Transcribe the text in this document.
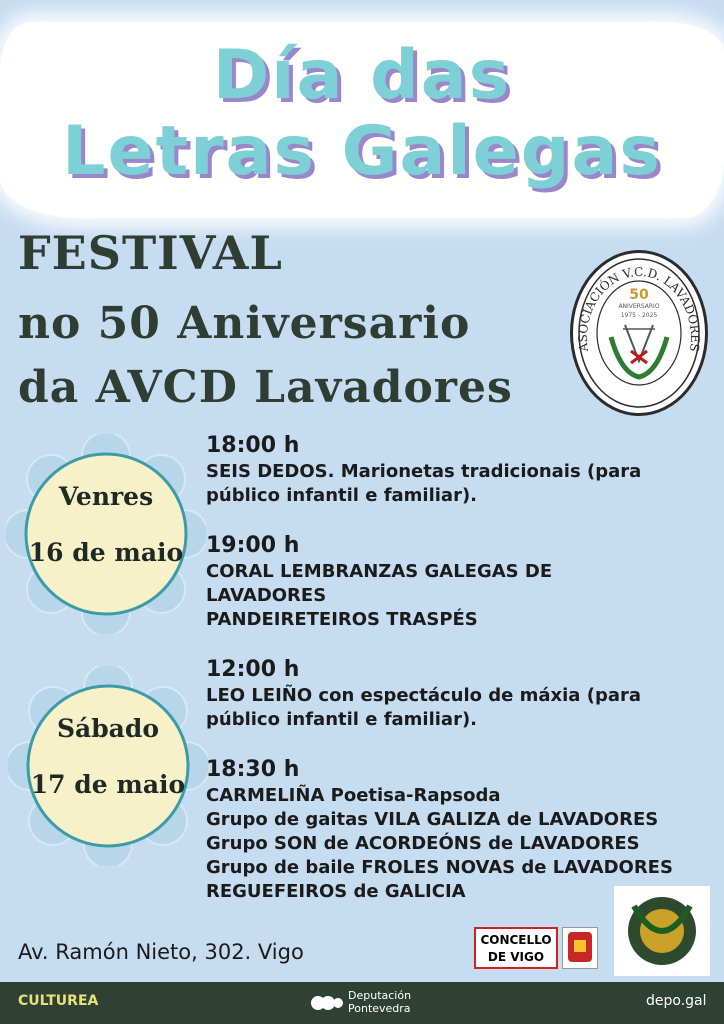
Día das
Letras Galegas
FESTIVAL
no 50 Aniversario
da AVCD Lavadores
ASOCIACIÓN V.C.D. LAVADORES
50
ANIVERSARIO
1975 - 2025
Venres
16 de maio
Sábado
17 de maio
18:00 h
SEIS DEDOS. Marionetas tradicionais (para
público infantil e familiar).
19:00 h
CORAL LEMBRANZAS GALEGAS DE
LAVADORES
PANDEIRETEIROS TRASPÉS
12:00 h
LEO LEIÑO con espectáculo de máxia (para
público infantil e familiar).
18:30 h
CARMELIÑA Poetisa-Rapsoda
Grupo de gaitas VILA GALIZA de LAVADORES
Grupo SON de ACORDEÓNS de LAVADORES
Grupo de baile FROLES NOVAS de LAVADORES
REGUEFEIROS de GALICIA
Av. Ramón Nieto, 302. Vigo	CONCELLO
DE VIGO
CULTUREA	Deputación
Pontevedra	depo.gal
